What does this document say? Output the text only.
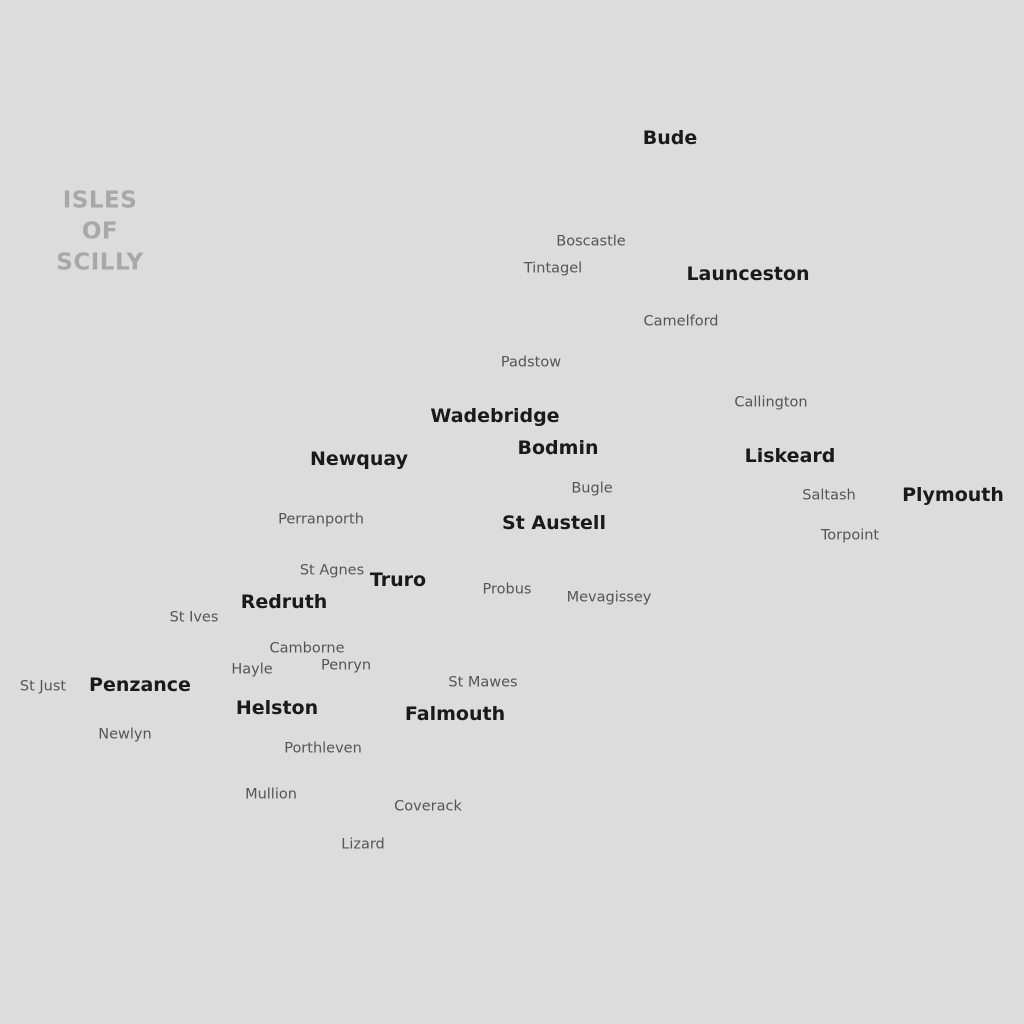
ISLES
OF
SCILLY
Bude
Boscastle
Tintagel	Launceston
Camelford
Padstow
Callington
Wadebridge
Bodmin	Liskeard
Newquay
Bugle	Saltash Plymouth
Perranporth	St Austell
Torpoint
St Agnes Truro	Probus Mevagissey
Redruth
St Ives
Camborne
Penryn
Hayle
St Mawes
St Just Penzance
Helston	Falmouth
Newlyn
Porthleven
Mullion
Coverack
Lizard
